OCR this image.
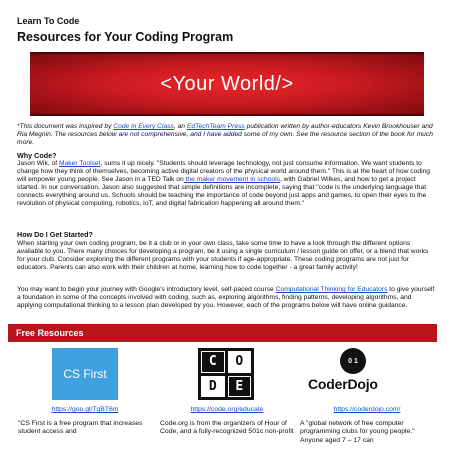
Learn To Code
Resources for Your Coding Program
<Your World/>
*This document was inspired by Code in Every Class, an EdTechTeam Press publication written by author-educators Kevin Brookhouser and Ria Megnin. The resources below are not comprehensive, and I have added some of my own. See the resource section of the book for much more.
Why Code?
Jason Wik, of Maker Toolset, sums it up nicely. "Students should leverage technology, not just consume information. We want students to change how they think of themselves, becoming active digital creators of the physical world around them." This is at the heart of how coding will empower young people. See Jason in a TED Talk on the maker movement in schools, with Gabriel Wilkes, and how to get a project started. In our conversation, Jason also suggested that simple definitions are incomplete, saying that "code is the underlying language that connects everything around us. Schools should be teaching the importance of code beyond just apps and games, to open their eyes to the revolution of physical computing, robotics, IoT, and digital fabrication happening all around them."
How Do I Get Started?
When starting your own coding program, be it a club or in your own class, take some time to have a look through the different options available to you. There many choices for developing a program, be it using a single curriculum / lesson guide on offer, or a blend that works for your club. Consider exploring the different programs with your students if age-appropriate. These coding programs are not just for educators. Parents can also work with their children at home, learning how to code together - a great family activity!
You may want to begin your journey with Google's introductory level, self-paced course Computational Thinking for Educators to give yourself a foundation in some of the concepts involved with coding, such as, exploring algorithms, finding patterns, developing algorithms, and applying computational thinking to a lesson plan developed by you. However, each of the programs below will have online guidance.
Free Resources
CS First
https://goo.gl/TqBT6m
"CS First is a free program that increases student access and
C	O
D	E
https://code.org/educate
Code.org is from the organizers of Hour of Code, and a fully-recognized 501c non-profit
0 1
CoderDojo
https://coderdojo.com/
A "global network of free computer programming clubs for young people." Anyone aged 7 – 17 can
